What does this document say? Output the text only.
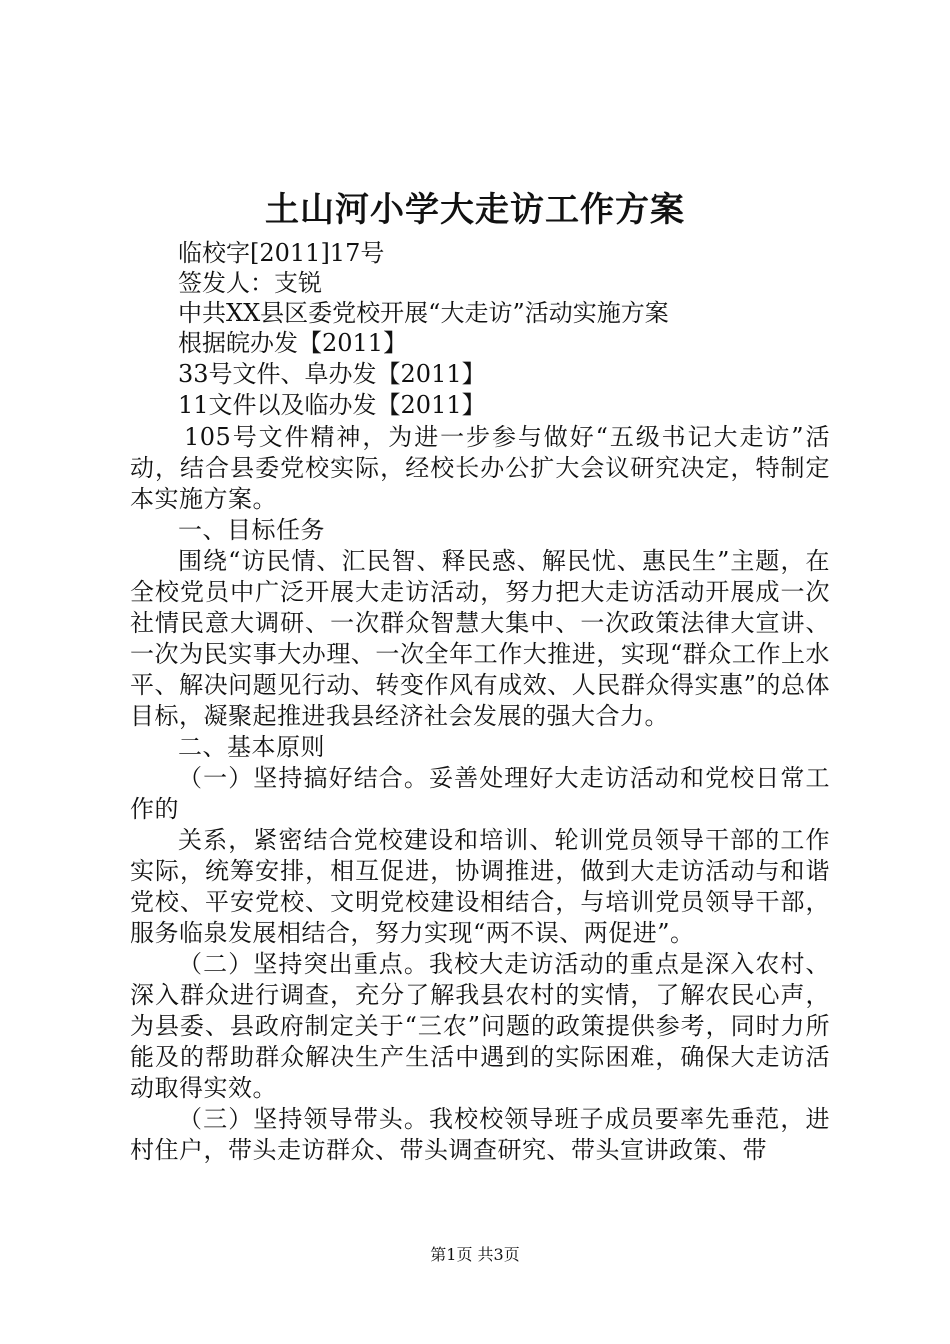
土山河小学大走访工作方案
临校字[2011]17号
签发人：支锐
中共XX县区委党校开展“大走访”活动实施方案
根据皖办发【2011】
33号文件、阜办发【2011】
11文件以及临办发【2011】

105号文件精神，为进一步参与做好“五级书记大走访”活动，结合县委党校实际，经校长办公扩大会议研究决定，特制定本实施方案。

一、目标任务

围绕“访民情、汇民智、释民惑、解民忧、惠民生”主题，在全校党员中广泛开展大走访活动，努力把大走访活动开展成一次社情民意大调研、一次群众智慧大集中、一次政策法律大宣讲、一次为民实事大办理、一次全年工作大推进，实现“群众工作上水平、解决问题见行动、转变作风有成效、人民群众得实惠”的总体目标，凝聚起推进我县经济社会发展的强大合力。

二、基本原则

（一）坚持搞好结合。妥善处理好大走访活动和党校日常工作的

关系，紧密结合党校建设和培训、轮训党员领导干部的工作实际，统筹安排，相互促进，协调推进，做到大走访活动与和谐党校、平安党校、文明党校建设相结合，与培训党员领导干部，服务临泉发展相结合，努力实现“两不误、两促进”。

（二）坚持突出重点。我校大走访活动的重点是深入农村、深入群众进行调查，充分了解我县农村的实情，了解农民心声，为县委、县政府制定关于“三农”问题的政策提供参考，同时力所能及的帮助群众解决生产生活中遇到的实际困难，确保大走访活动取得实效。

（三）坚持领导带头。我校校领导班子成员要率先垂范，进村住户，带头走访群众、带头调查研究、带头宣讲政策、带

第1页 共3页
